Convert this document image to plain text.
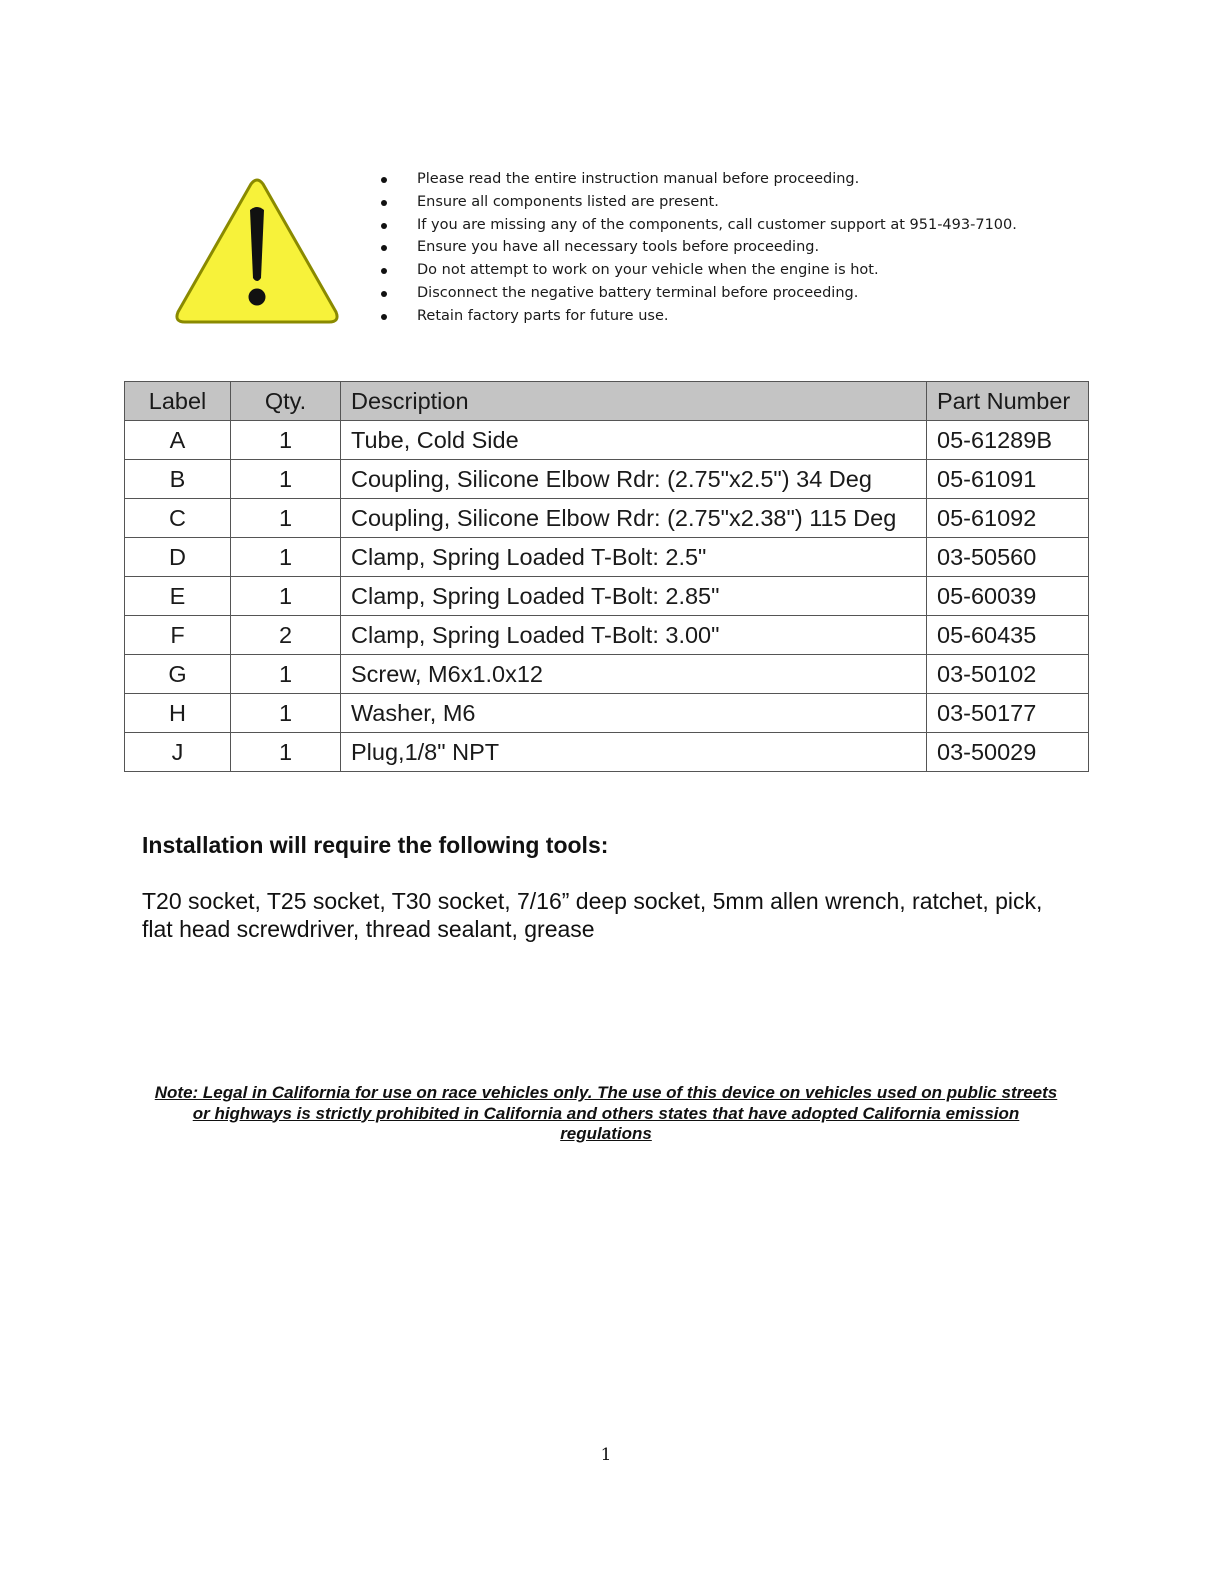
Please read the entire instruction manual before proceeding.
Ensure all components listed are present.
If you are missing any of the components, call customer support at 951-493-7100.
Ensure you have all necessary tools before proceeding.
Do not attempt to work on your vehicle when the engine is hot.
Disconnect the negative battery terminal before proceeding.
Retain factory parts for future use.
Label	Qty.	Description	Part Number
A	1	Tube, Cold Side	05-61289B
B	1	Coupling, Silicone Elbow Rdr: (2.75"x2.5") 34 Deg	05-61091
C	1	Coupling, Silicone Elbow Rdr: (2.75"x2.38") 115 Deg	05-61092
D	1	Clamp, Spring Loaded T-Bolt: 2.5"	03-50560
E	1	Clamp, Spring Loaded T-Bolt: 2.85"	05-60039
F	2	Clamp, Spring Loaded T-Bolt: 3.00"	05-60435
G	1	Screw, M6x1.0x12	03-50102
H	1	Washer, M6	03-50177
J	1	Plug,1/8" NPT	03-50029
Installation will require the following tools:

T20 socket, T25 socket, T30 socket, 7/16” deep socket, 5mm allen wrench, ratchet, pick, flat head screwdriver, thread sealant, grease

Note: Legal in California for use on race vehicles only. The use of this device on vehicles used on public streets or highways is strictly prohibited in California and others states that have adopted California emission regulations

1
